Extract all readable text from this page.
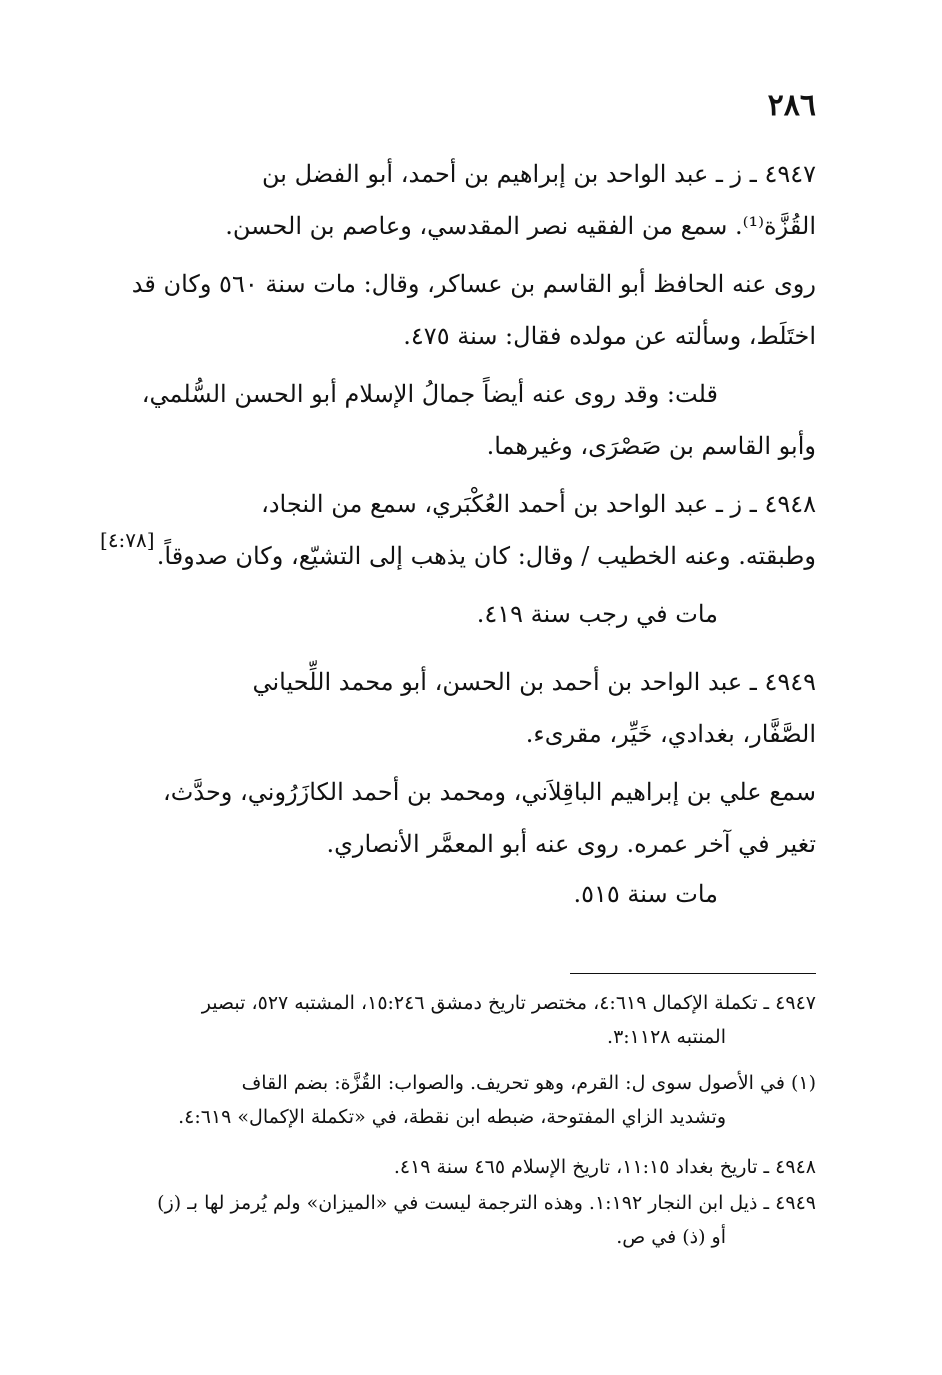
٢٨٦
٤٩٤٧ ـ ز ـ عبد الواحد بن إبراهيم بن أحمد، أبو الفضل بن
القُزَّة⁽¹⁾. سمع من الفقيه نصر المقدسي، وعاصم بن الحسن.
روى عنه الحافظ أبو القاسم بن عساكر، وقال: مات سنة ٥٦٠ وكان قد
اختَلَط، وسألته عن مولده فقال: سنة ٤٧٥.
قلت: وقد روى عنه أيضاً جمالُ الإسلام أبو الحسن السُّلمي،
وأبو القاسم بن صَصْرَى، وغيرهما.
٤٩٤٨ ـ ز ـ عبد الواحد بن أحمد العُكْبَري، سمع من النجاد،
وطبقته. وعنه الخطيب / وقال: كان يذهب إلى التشيّع، وكان صدوقاً.
[٤:٧٨]
مات في رجب سنة ٤١٩.
٤٩٤٩ ـ عبد الواحد بن أحمد بن الحسن، أبو محمد اللِّحياني
الصَّفَّار، بغدادي، خَيِّر، مقرىء.
سمع علي بن إبراهيم الباقِلاَني، ومحمد بن أحمد الكازَرُوني، وحدَّث،
تغير في آخر عمره. روى عنه أبو المعمَّر الأنصاري.
مات سنة ٥١٥.
٤٩٤٧ ـ تكملة الإكمال ٤:٦١٩، مختصر تاريخ دمشق ١٥:٢٤٦، المشتبه ٥٢٧، تبصير
المنتبه ٣:١١٢٨.
(١) في الأصول سوى ل: القرم، وهو تحريف. والصواب: القُزَّة: بضم القاف
وتشديد الزاي المفتوحة، ضبطه ابن نقطة، في «تكملة الإكمال» ٤:٦١٩.
٤٩٤٨ ـ تاريخ بغداد ١١:١٥، تاريخ الإسلام ٤٦٥ سنة ٤١٩.
٤٩٤٩ ـ ذيل ابن النجار ١:١٩٢. وهذه الترجمة ليست في «الميزان» ولم يُرمز لها بـ (ز)
أو (ذ) في ص.
